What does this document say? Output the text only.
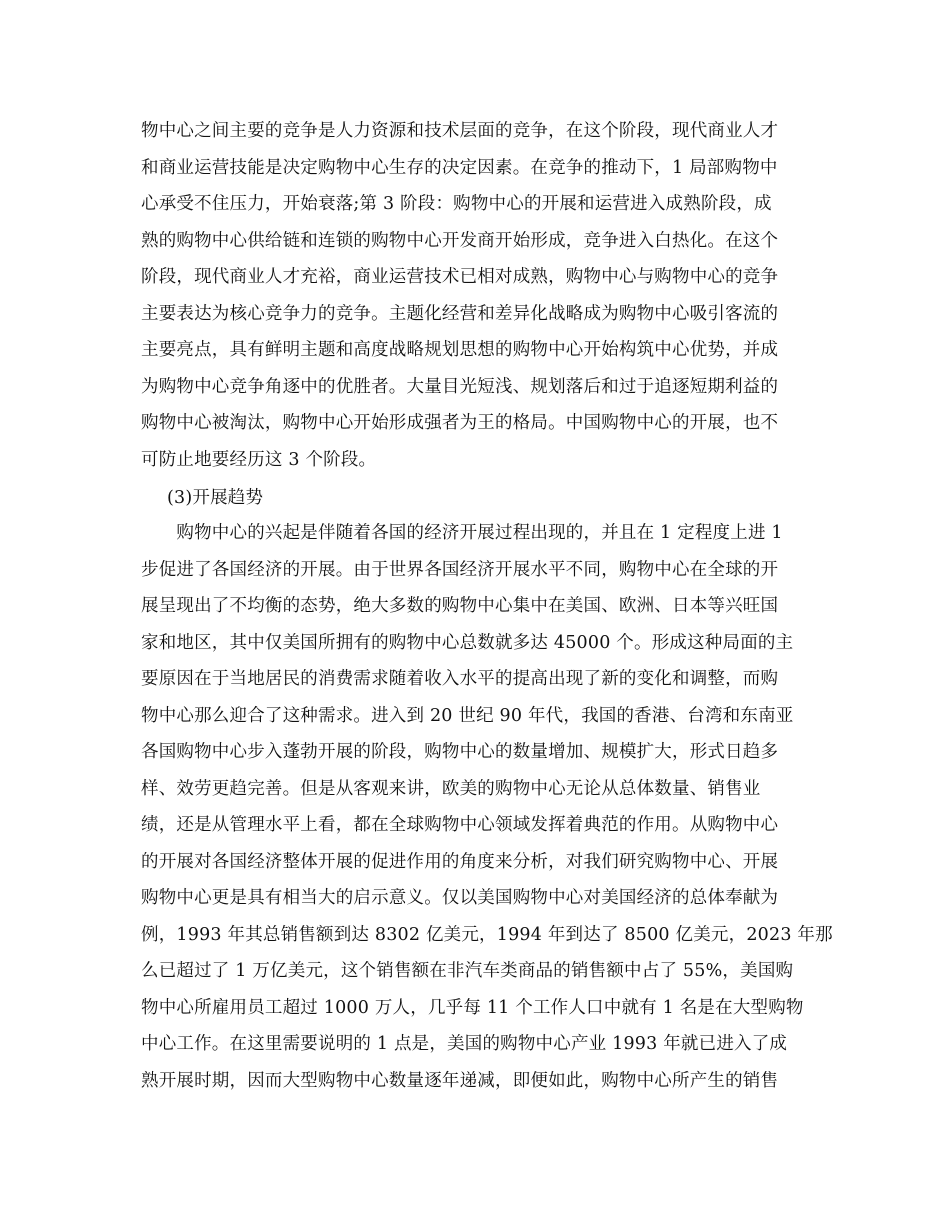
物中心之间主要的竞争是人力资源和技术层面的竞争，在这个阶段，现代商业人才
和商业运营技能是决定购物中心生存的决定因素。在竞争的推动下，1 局部购物中
心承受不住压力，开始衰落;第 3 阶段：购物中心的开展和运营进入成熟阶段，成
熟的购物中心供给链和连锁的购物中心开发商开始形成，竞争进入白热化。在这个
阶段，现代商业人才充裕，商业运营技术已相对成熟，购物中心与购物中心的竞争
主要表达为核心竞争力的竞争。主题化经营和差异化战略成为购物中心吸引客流的
主要亮点，具有鲜明主题和高度战略规划思想的购物中心开始构筑中心优势，并成
为购物中心竞争角逐中的优胜者。大量目光短浅、规划落后和过于追逐短期利益的
购物中心被淘汰，购物中心开始形成强者为王的格局。中国购物中心的开展，也不
可防止地要经历这 3 个阶段。
(3)开展趋势
　　购物中心的兴起是伴随着各国的经济开展过程出现的，并且在 1 定程度上进 1
步促进了各国经济的开展。由于世界各国经济开展水平不同，购物中心在全球的开
展呈现出了不均衡的态势，绝大多数的购物中心集中在美国、欧洲、日本等兴旺国
家和地区，其中仅美国所拥有的购物中心总数就多达 45000 个。形成这种局面的主
要原因在于当地居民的消费需求随着收入水平的提高出现了新的变化和调整，而购
物中心那么迎合了这种需求。进入到 20 世纪 90 年代，我国的香港、台湾和东南亚
各国购物中心步入蓬勃开展的阶段，购物中心的数量增加、规模扩大，形式日趋多
样、效劳更趋完善。但是从客观来讲，欧美的购物中心无论从总体数量、销售业
绩，还是从管理水平上看，都在全球购物中心领域发挥着典范的作用。从购物中心
的开展对各国经济整体开展的促进作用的角度来分析，对我们研究购物中心、开展
购物中心更是具有相当大的启示意义。仅以美国购物中心对美国经济的总体奉献为
例，1993 年其总销售额到达 8302 亿美元，1994 年到达了 8500 亿美元，2023 年那
么已超过了 1 万亿美元，这个销售额在非汽车类商品的销售额中占了 55%，美国购
物中心所雇用员工超过 1000 万人，几乎每 11 个工作人口中就有 1 名是在大型购物
中心工作。在这里需要说明的 1 点是，美国的购物中心产业 1993 年就已进入了成
熟开展时期，因而大型购物中心数量逐年递减，即便如此，购物中心所产生的销售
